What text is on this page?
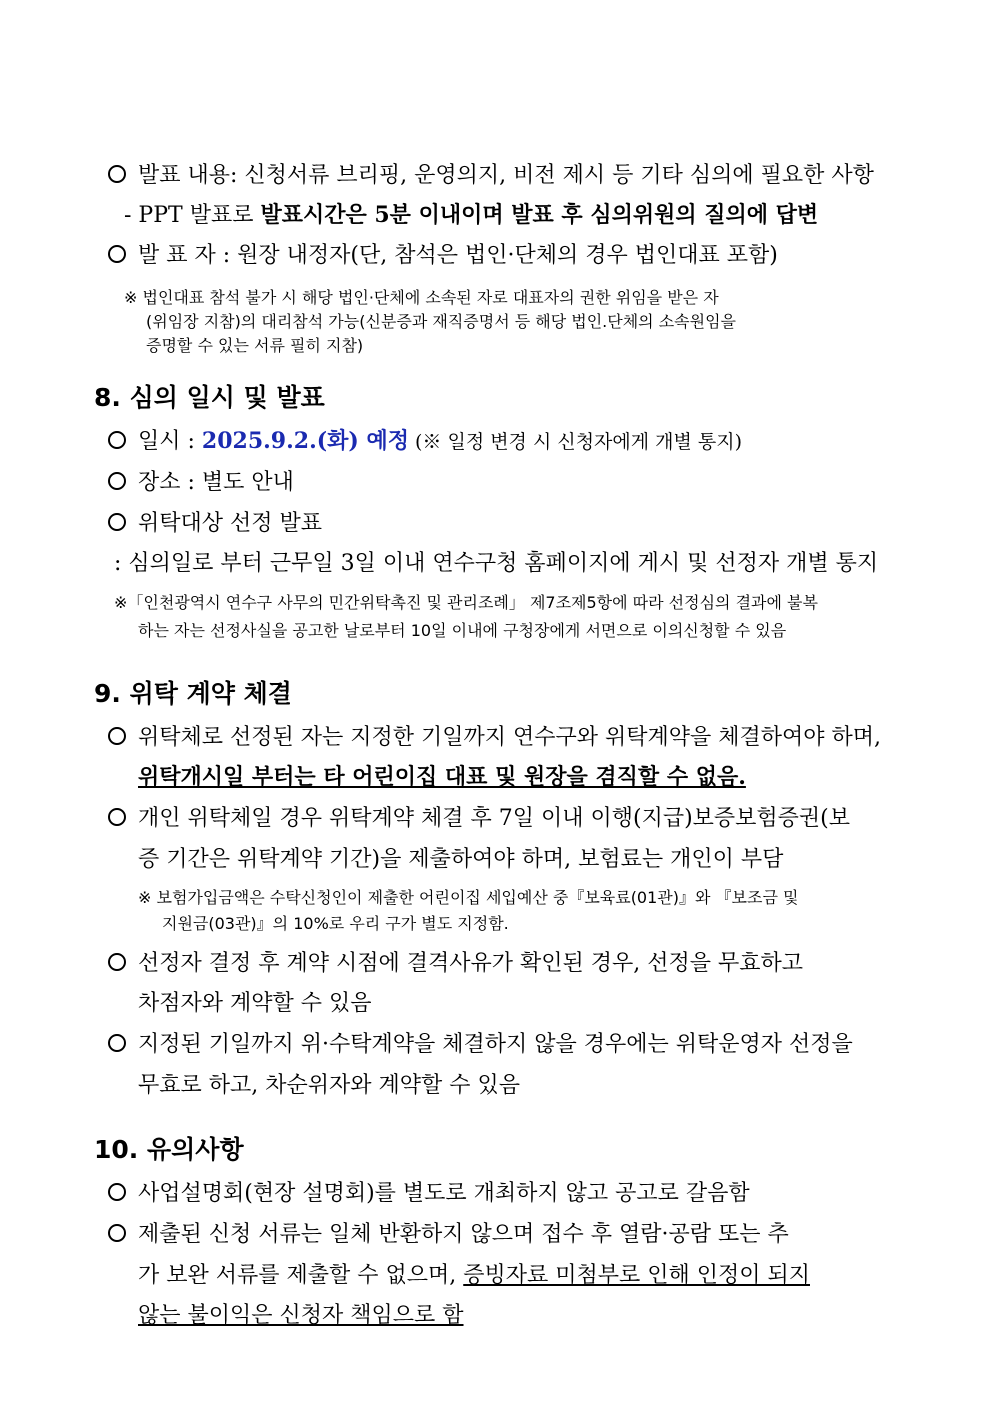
발표 내용: 신청서류 브리핑, 운영의지, 비전 제시 등 기타 심의에 필요한 사항
- PPT 발표로 발표시간은 5분 이내이며 발표 후 심의위원의 질의에 답변
발 표 자 : 원장 내정자(단, 참석은 법인·단체의 경우 법인대표 포함)
※ 법인대표 참석 불가 시 해당 법인·단체에 소속된 자로 대표자의 권한 위임을 받은 자
(위임장 지참)의 대리참석 가능(신분증과 재직증명서 등 해당 법인.단체의 소속원임을
증명할 수 있는 서류 필히 지참)
8. 심의 일시 및 발표
일시 : 2025.9.2.(화) 예정 (※ 일정 변경 시 신청자에게 개별 통지)
장소 : 별도 안내
위탁대상 선정 발표
: 심의일로 부터 근무일 3일 이내 연수구청 홈페이지에 게시 및 선정자 개별 통지
※「인천광역시 연수구 사무의 민간위탁촉진 및 관리조례」 제7조제5항에 따라 선정심의 결과에 불복
하는 자는 선정사실을 공고한 날로부터 10일 이내에 구청장에게 서면으로 이의신청할 수 있음
9. 위탁 계약 체결
위탁체로 선정된 자는 지정한 기일까지 연수구와 위탁계약을 체결하여야 하며,
위탁개시일 부터는 타 어린이집 대표 및 원장을 겸직할 수 없음.
개인 위탁체일 경우 위탁계약 체결 후 7일 이내 이행(지급)보증보험증권(보
증 기간은 위탁계약 기간)을 제출하여야 하며, 보험료는 개인이 부담
※ 보험가입금액은 수탁신청인이 제출한 어린이집 세입예산 중『보육료(01관)』와 『보조금 및
지원금(03관)』의 10%로 우리 구가 별도 지정함.
선정자 결정 후 계약 시점에 결격사유가 확인된 경우, 선정을 무효하고
차점자와 계약할 수 있음
지정된 기일까지 위·수탁계약을 체결하지 않을 경우에는 위탁운영자 선정을
무효로 하고, 차순위자와 계약할 수 있음
10. 유의사항
사업설명회(현장 설명회)를 별도로 개최하지 않고 공고로 갈음함
제출된 신청 서류는 일체 반환하지 않으며 접수 후 열람·공람 또는 추
가 보완 서류를 제출할 수 없으며, 증빙자료 미첨부로 인해 인정이 되지
않는 불이익은 신청자 책임으로 함
